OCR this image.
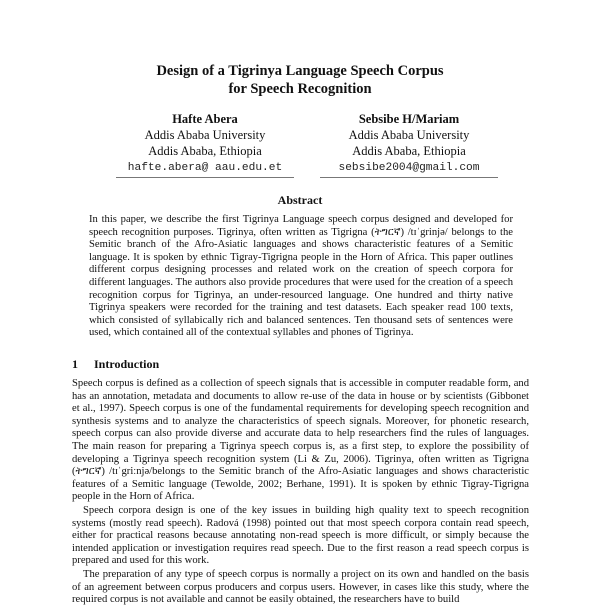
Design of a Tigrinya Language Speech Corpus
for Speech Recognition
Hafte Abera
Addis Ababa University
Addis Ababa, Ethiopia
hafte.abera@ aau.edu.et
Sebsibe H/Mariam
Addis Ababa University
Addis Ababa, Ethiopia
sebsibe2004@gmail.com
Abstract
In this paper, we describe the first Tigrinya Language speech corpus designed and developed for speech recognition purposes. Tigrinya, often written as Tigrigna (ትግርኛ) /tɪˈgrinjə/ belongs to the Semitic branch of the Afro-Asiatic languages and shows characteristic features of a Semitic language. It is spoken by ethnic Tigray-Tigrigna people in the Horn of Africa. This paper outlines different corpus designing processes and related work on the creation of speech corpora for different languages. The authors also provide procedures that were used for the creation of a speech recognition corpus for Tigrinya, an under-resourced language. One hundred and thirty native Tigrinya speakers were recorded for the training and test datasets. Each speaker read 100 texts, which consisted of syllabically rich and balanced sentences. Ten thousand sets of sentences were used, which contained all of the contextual syllables and phones of Tigrinya.
1 Introduction

Speech corpus is defined as a collection of speech signals that is accessible in computer readable form, and has an annotation, metadata and documents to allow re-use of the data in house or by scientists (Gibbonet et al., 1997). Speech corpus is one of the fundamental requirements for developing speech recognition and synthesis systems and to analyze the characteristics of speech signals. Moreover, for phonetic research, speech corpus can also provide diverse and accurate data to help researchers find the rules of languages. The main reason for preparing a Tigrinya speech corpus is, as a first step, to explore the possibility of developing a Tigrinya speech recognition system (Li & Zu, 2006). Tigrinya, often written as Tigrigna (ትግርኛ) /tɪˈgriːnjə/belongs to the Semitic branch of the Afro-Asiatic languages and shows characteristic features of a Semitic language (Tewolde, 2002; Berhane, 1991). It is spoken by ethnic Tigray-Tigrigna people in the Horn of Africa.

Speech corpora design is one of the key issues in building high quality text to speech recognition systems (mostly read speech). Radová (1998) pointed out that most speech corpora contain read speech, either for practical reasons because annotating non-read speech is more difficult, or simply because the intended application or investigation requires read speech. Due to the first reason a read speech corpus is prepared and used for this work.

The preparation of any type of speech corpus is normally a project on its own and handled on the basis of an agreement between corpus producers and corpus users. However, in cases like this study, where the required corpus is not available and cannot be easily obtained, the researchers have to build
